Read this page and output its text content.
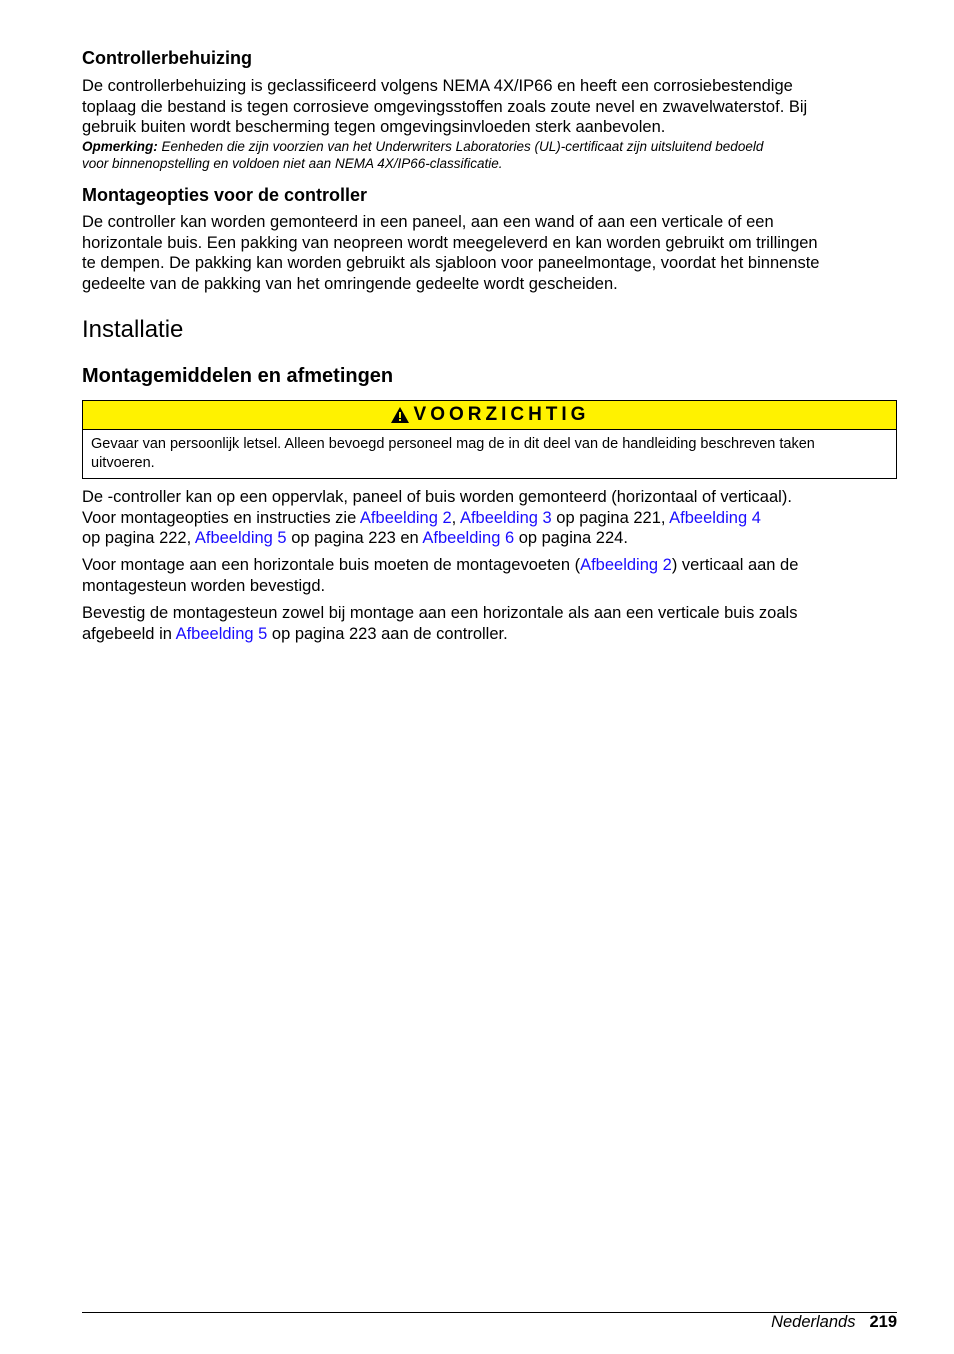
Controllerbehuizing

De controllerbehuizing is geclassificeerd volgens NEMA 4X/IP66 en heeft een corrosiebestendige

toplaag die bestand is tegen corrosieve omgevingsstoffen zoals zoute nevel en zwavelwaterstof. Bij

gebruik buiten wordt bescherming tegen omgevingsinvloeden sterk aanbevolen.

Opmerking: Eenheden die zijn voorzien van het Underwriters Laboratories (UL)-certificaat zijn uitsluitend bedoeld
voor binnenopstelling en voldoen niet aan NEMA 4X/IP66-classificatie.
Montageopties voor de controller

De controller kan worden gemonteerd in een paneel, aan een wand of aan een verticale of een

horizontale buis. Een pakking van neopreen wordt meegeleverd en kan worden gebruikt om trillingen

te dempen. De pakking kan worden gebruikt als sjabloon voor paneelmontage, voordat het binnenste

gedeelte van de pakking van het omringende gedeelte wordt gescheiden.

Installatie
Montagemiddelen en afmetingen
VOORZICHTIG
Gevaar van persoonlijk letsel. Alleen bevoegd personeel mag de in dit deel van de handleiding beschreven taken
uitvoeren.

De -controller kan op een oppervlak, paneel of buis worden gemonteerd (horizontaal of verticaal).

Voor montageopties en instructies zie Afbeelding 2, Afbeelding 3 op pagina 221, Afbeelding 4

op pagina 222, Afbeelding 5 op pagina 223 en Afbeelding 6 op pagina 224.

Voor montage aan een horizontale buis moeten de montagevoeten (Afbeelding 2) verticaal aan de

montagesteun worden bevestigd.

Bevestig de montagesteun zowel bij montage aan een horizontale als aan een verticale buis zoals

afgebeeld in Afbeelding 5 op pagina 223 aan de controller.

Nederlands 219
